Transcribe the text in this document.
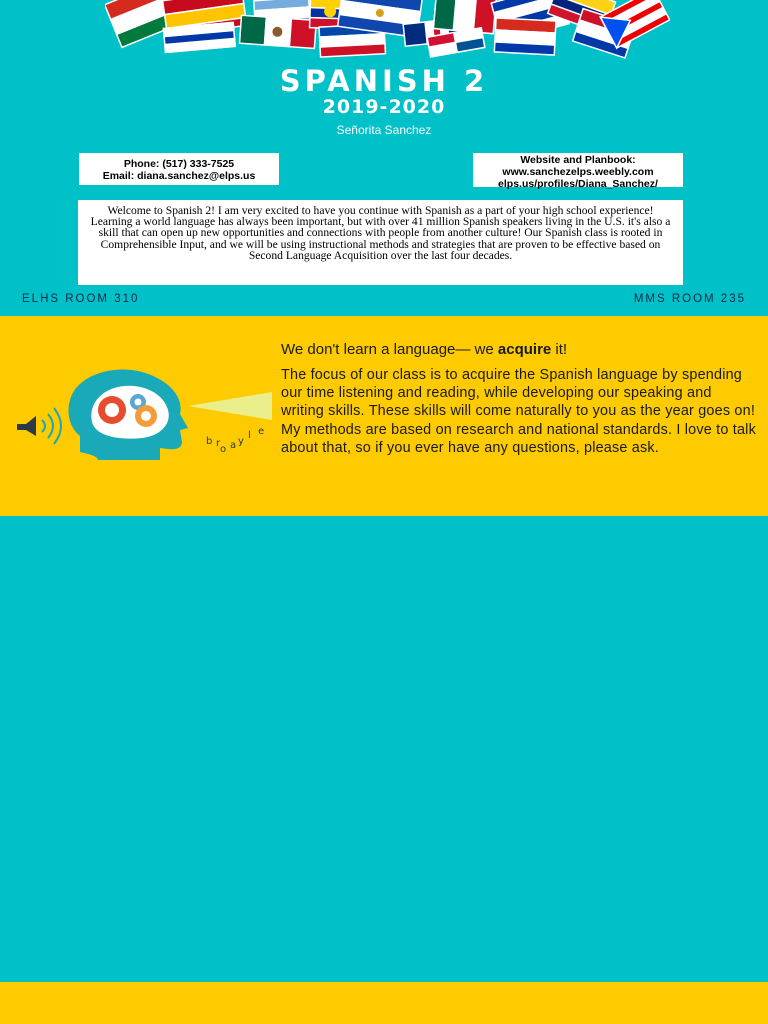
SPANISH 2
2019-2020
Señorita Sanchez
Phone: (517) 333-7525
Email: diana.sanchez@elps.us
Website and Planbook:
www.sanchezelps.weebly.com
elps.us/profiles/Diana_Sanchez/
Welcome to Spanish 2! I am very excited to have you continue with Spanish as a part of your high school experience! Learning a world language has always been important, but with over 41 million Spanish speakers living in the U.S. it's also a skill that can open up new opportunities and connections with people from another culture! Our Spanish class is rooted in Comprehensible Input, and we will be using instructional methods and strategies that are proven to be effective based on Second Language Acquisition over the last four decades.
ELHS ROOM 310	MMS ROOM 235
y
l e
a
r
b
o
We don't learn a language— we acquire it!
The focus of our class is to acquire the Spanish language by spending our time listening and reading, while developing our speaking and writing skills. These skills will come naturally to you as the year goes on! My methods are based on research and national standards. I love to talk about that, so if you ever have any questions, please ask.
